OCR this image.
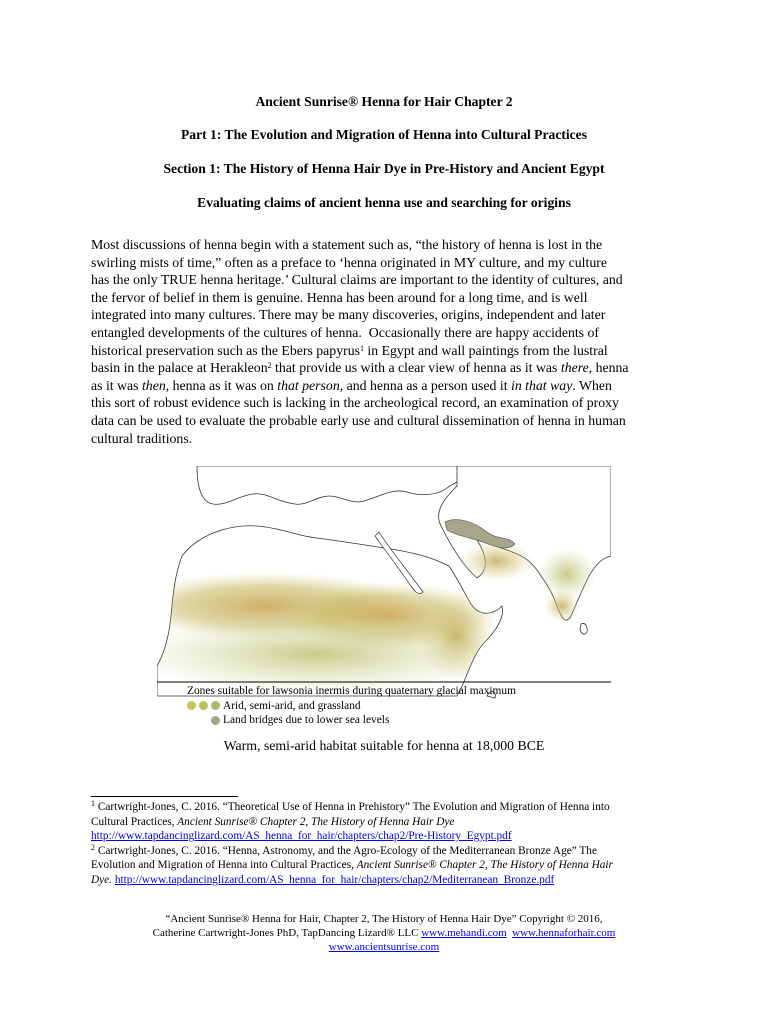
Ancient Sunrise® Henna for Hair Chapter 2
Part 1: The Evolution and Migration of Henna into Cultural Practices
Section 1: The History of Henna Hair Dye in Pre-History and Ancient Egypt
Evaluating claims of ancient henna use and searching for origins
Most discussions of henna begin with a statement such as, “the history of henna is lost in the
swirling mists of time,” often as a preface to ‘henna originated in MY culture, and my culture
has the only TRUE henna heritage.’ Cultural claims are important to the identity of cultures, and
the fervor of belief in them is genuine. Henna has been around for a long time, and is well
integrated into many cultures. There may be many discoveries, origins, independent and later
entangled developments of the cultures of henna.  Occasionally there are happy accidents of
historical preservation such as the Ebers papyrus$^1$ in Egypt and wall paintings from the lustral
basin in the palace at Herakleon$^2$ that provide us with a clear view of henna as it was there, henna
as it was then, henna as it was on that person, and henna as a person used it in that way. When
this sort of robust evidence such is lacking in the archeological record, an examination of proxy
data can be used to evaluate the probable early use and cultural dissemination of henna in human
cultural traditions.
Zones suitable for lawsonia inermis during quaternary glacial maximum
Arid, semi-arid, and grassland
Land bridges due to lower sea levels
Warm, semi-arid habitat suitable for henna at 18,000 BCE
$^1$ Cartwright-Jones, C. 2016. “Theoretical Use of Henna in Prehistory” The Evolution and Migration of Henna into
Cultural Practices, Ancient Sunrise® Chapter 2, The History of Henna Hair Dye
http://www.tapdancinglizard.com/AS_henna_for_hair/chapters/chap2/Pre-History_Egypt.pdf
$^2$ Cartwright-Jones, C. 2016. “Henna, Astronomy, and the Agro-Ecology of the Mediterranean Bronze Age” The
Evolution and Migration of Henna into Cultural Practices, Ancient Sunrise® Chapter 2, The History of Henna Hair
Dye. http://www.tapdancinglizard.com/AS_henna_for_hair/chapters/chap2/Mediterranean_Bronze.pdf
“Ancient Sunrise® Henna for Hair, Chapter 2, The History of Henna Hair Dye” Copyright © 2016,
Catherine Cartwright-Jones PhD, TapDancing Lizard® LLC www.mehandi.com www.hennaforhair.com
www.ancientsunrise.com
